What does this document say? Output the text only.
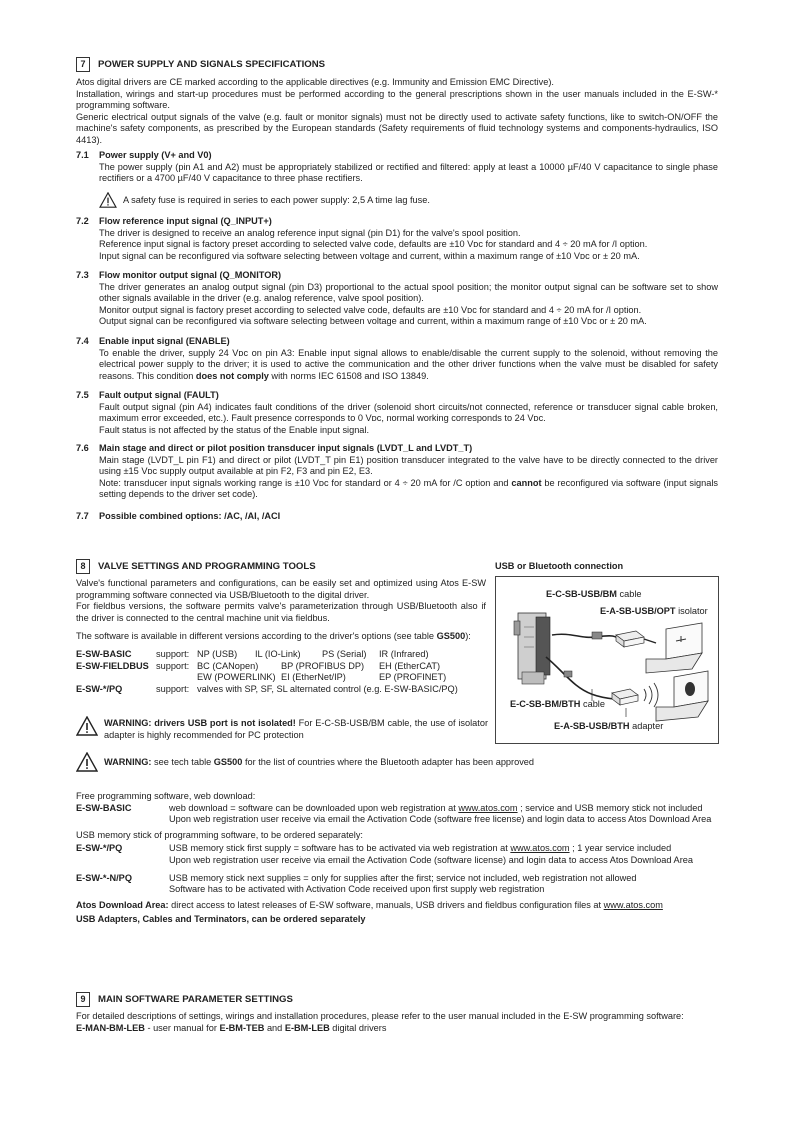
7	POWER SUPPLY AND SIGNALS SPECIFICATIONS

Atos digital drivers are CE marked according to the applicable directives (e.g. Immunity and Emission EMC Directive).

Installation, wirings and start-up procedures must be performed according to the general prescriptions shown in the user manuals included in the E-SW-* programming software.

Generic electrical output signals of the valve (e.g. fault or monitor signals) must not be directly used to activate safety functions, like to switch-ON/OFF the machine's safety components, as prescribed by the European standards (Safety requirements of fluid technology systems and components-hydraulics, ISO 4413).

7.1	Power supply (V+ and V0)

The power supply (pin A1 and A2) must be appropriately stabilized or rectified and filtered: apply at least a 10000 µF/40 V capacitance to single phase rectifiers or a 4700 µF/40 V capacitance to three phase rectifiers.

A safety fuse is required in series to each power supply: 2,5 A time lag fuse.
7.2	Flow reference input signal (Q_INPUT+)

The driver is designed to receive an analog reference input signal (pin D1) for the valve's spool position.

Reference input signal is factory preset according to selected valve code, defaults are ±10 Vᴅᴄ for standard and 4 ÷ 20 mA for /I option.

Input signal can be reconfigured via software selecting between voltage and current, within a maximum range of ±10 Vᴅᴄ or ± 20 mA.

7.3	Flow monitor output signal (Q_MONITOR)

The driver generates an analog output signal (pin D3) proportional to the actual spool position; the monitor output signal can be software set to show other signals available in the driver (e.g. analog reference, valve spool position).

Monitor output signal is factory preset according to selected valve code, defaults are ±10 Vᴅᴄ for standard and 4 ÷ 20 mA for /I option.

Output signal can be reconfigured via software selecting between voltage and current, within a maximum range of ±10 Vᴅᴄ or ± 20 mA.

7.4	Enable input signal (ENABLE)

To enable the driver, supply 24 Vᴅᴄ on pin A3: Enable input signal allows to enable/disable the current supply to the solenoid, without removing the electrical power supply to the driver; it is used to active the communication and the other driver functions when the valve must be disabled for safety reasons. This condition does not comply with norms IEC 61508 and ISO 13849.

7.5	Fault output signal (FAULT)

Fault output signal (pin A4) indicates fault conditions of the driver (solenoid short circuits/not connected, reference or transducer signal cable broken, maximum error exceeded, etc.). Fault presence corresponds to 0 Vᴅᴄ, normal working corresponds to 24 Vᴅᴄ.

Fault status is not affected by the status of the Enable input signal.

7.6	Main stage and direct or pilot position transducer input signals (LVDT_L and LVDT_T)

Main stage (LVDT_L pin F1) and direct or pilot (LVDT_T pin E1) position transducer integrated to the valve have to be directly connected to the driver using ±15 Vᴅᴄ supply output available at pin F2, F3 and pin E2, E3.

Note: transducer input signals working range is ±10 Vᴅᴄ for standard or 4 ÷ 20 mA for /C option and cannot be reconfigured via software (input signals setting depends to the driver set code).

7.7	Possible combined options: /AC, /AI, /ACI
8	VALVE SETTINGS AND PROGRAMMING TOOLS

Valve's functional parameters and configurations, can be easily set and optimized using Atos E-SW programming software connected via USB/Bluetooth to the digital driver.

For fieldbus versions, the software permits valve's parameterization through USB/Bluetooth also if the driver is connected to the central machine unit via fieldbus.

The software is available in different versions according to the driver's options (see table GS500):

E-SW-BASIC	support: NP (USB)	IL (IO-Link)	PS (Serial)	IR (Infrared)
E-SW-FIELDBUS support: BC (CANopen)	BP (PROFIBUS DP)	EH (EtherCAT)
EW (POWERLINK) EI (EtherNet/IP)	EP (PROFINET)
E-SW-*/PQ	support: valves with SP, SF, SL alternated control (e.g. E-SW-BASIC/PQ)

WARNING: drivers USB port is not isolated! For E-C-SB-USB/BM cable, the use of isolator adapter is highly recommended for PC protection

USB or Bluetooth connection
E-C-SB-USB/BM cable
E-A-SB-USB/OPT isolator
E-C-SB-BM/BTH cable
E-A-SB-USB/BTH adapter

WARNING: see tech table GS500 for the list of countries where the Bluetooth adapter has been approved

Free programming software, web download:

E-SW-BASIC	web download = software can be downloaded upon web registration at www.atos.com ; service and USB memory stick not included

Upon web registration user receive via email the Activation Code (software free license) and login data to access Atos Download Area

USB memory stick of programming software, to be ordered separately:

E-SW-*/PQ	USB memory stick first supply = software has to be activated via web registration at www.atos.com ; 1 year service included

Upon web registration user receive via email the Activation Code (software license) and login data to access Atos Download Area

E-SW-*-N/PQ	USB memory stick next supplies = only for supplies after the first; service not included, web registration not allowed

Software has to be activated with Activation Code received upon first supply web registration

Atos Download Area: direct access to latest releases of E-SW software, manuals, USB drivers and fieldbus configuration files at www.atos.com

USB Adapters, Cables and Terminators, can be ordered separately

9	MAIN SOFTWARE PARAMETER SETTINGS

For detailed descriptions of settings, wirings and installation procedures, please refer to the user manual included in the E-SW programming software:

E-MAN-BM-LEB - user manual for E-BM-TEB and E-BM-LEB digital drivers
